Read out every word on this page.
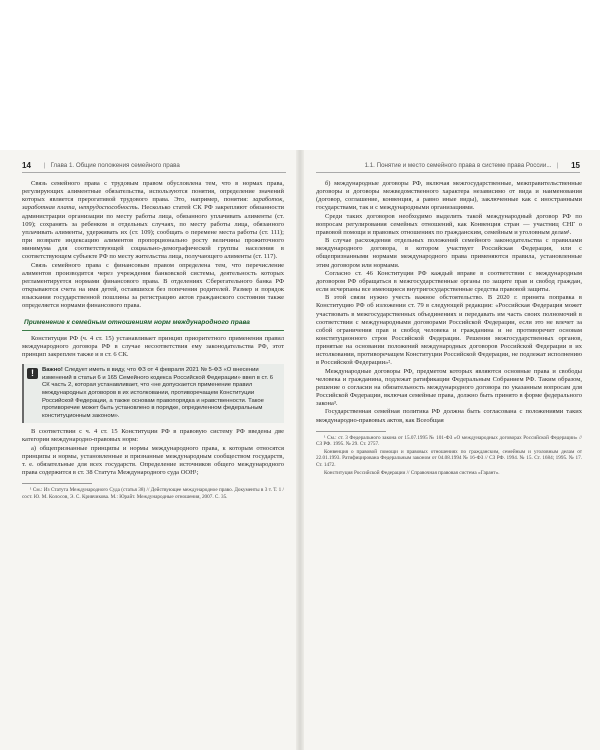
14 | Глава 1. Общие положения семейного права

Связь семейного права с трудовым правом обусловлена тем, что в нормах права, регулирующих алиментные обязательства, используются понятия, определение значений которых является прерогативой трудового права. Это, например, понятия: заработок, заработная плата, нетрудоспособность. Несколько статей СК РФ закрепляют обязанности администрации организации по месту работы лица, обязанного уплачивать алименты (ст. 109); сохранять за ребенком в отдельных случаях, по месту работы лица, обязанного уплачивать алименты, удерживать их (ст. 109); сообщать о перемене места работы (ст. 111); при возврате индексацию алиментов пропорционально росту величины прожиточного минимума для соответствующей социально-демографической группы населения в соответствующем субъекте РФ по месту жительства лица, получающего алименты (ст. 117).

Связь семейного права с финансовым правом определена тем, что перечисление алиментов производится через учреждения банковской системы, деятельность которых регламентируется нормами финансового права. В отделениях Сберегательного банка РФ открываются счета на имя детей, оставшихся без попечения родителей. Размер и порядок взыскания государственной пошлины за регистрацию актов гражданского состояния также определяется нормами финансового права.

Применение к семейным отношениям норм международного права

Конституция РФ (ч. 4 ст. 15) устанавливает принцип приоритетного применения правил международного договора РФ в случае несоответствия ему законодательства РФ, этот принцип закреплен также и в ст. 6 СК.

!	Важно! Следует иметь в виду, что ФЗ от 4 февраля 2021 № 5-ФЗ «О внесении изменений в статьи 6 и 165 Семейного кодекса Российской Федерации» ввел в ст. 6 СК часть 2, которая устанавливает, что «не допускается применение правил международных договоров в их истолковании, противоречащем Конституции Российской Федерации, а также основам правопорядка и нравственности. Такое противоречие может быть установлено в порядке, определенном федеральным конституционным законом».

В соответствии с ч. 4 ст. 15 Конституции РФ в правовую систему РФ введены две категории международно-правовых норм:

а) общепризнанные принципы и нормы международного права, к которым относятся принципы и нормы, установленные и признанные международным сообществом государств, т. е. обязательные для всех государств. Определение источников общего международного права содержится в ст. 38 Статута Международного суда ООН¹;

¹ См.: Из Статута Международного Суда (статья 38) // Действующее международное право. Документы в 3 т. Т. 1 / сост. Ю. М. Колосов, Э. С. Кривчикова. М.: Юрайт. Международные отношения, 2007. С. 35.

1.1. Понятие и место семейного права в системе права России... | 15

б) международные договоры РФ, включая межгосударственные, межправительственные договоры и договоры межведомственного характера независимо от вида и наименования (договор, соглашение, конвенция, а равно иные виды), заключенные как с иностранными государствами, так и с международными организациями.

Среди таких договоров необходимо выделить такой международный договор РФ по вопросам регулирования семейных отношений, как Конвенция стран — участниц СНГ о правовой помощи и правовых отношениях по гражданским, семейным и уголовным делам¹.

В случае расхождения отдельных положений семейного законодательства с правилами международного договора, в котором участвует Российская Федерация, или с общепризнанными нормами международного права применяются правила, установленные этим договором или нормами.

Согласно ст. 46 Конституции РФ каждый вправе в соответствии с международным договором РФ обращаться в межгосударственные органы по защите прав и свобод граждан, если исчерпаны все имеющиеся внутригосударственные средства правовой защиты.

В этой связи нужно учесть важное обстоятельство. В 2020 г. принята поправка в Конституцию РФ об изложении ст. 79 в следующей редакции: «Российская Федерация может участвовать в межгосударственных объединениях и передавать им часть своих полномочий в соответствии с международными договорами Российской Федерации, если это не влечет за собой ограничения прав и свобод человека и гражданина и не противоречит основам конституционного строя Российской Федерации. Решения межгосударственных органов, принятые на основании положений международных договоров Российской Федерации в их истолковании, противоречащем Конституции Российской Федерации, не подлежат исполнению в Российской Федерации»².

Международные договоры РФ, предметом которых являются основные права и свободы человека и гражданина, подлежат ратификации Федеральным Собранием РФ. Таким образом, решение о согласии на обязательность международного договора по указанным вопросам для Российской Федерации, включая семейные права, должно быть принято в форме федерального закона³.

Государственная семейная политика РФ должна быть согласована с положениями таких международно-правовых актов, как Всеобщая

¹ См.: ст. 3 Федерального закона от 15.07.1995 № 101-ФЗ «О международных договорах Российской Федерации» // СЗ РФ. 1995. № 29. Ст. 2757.

Конвенция о правовой помощи и правовых отношениях по гражданским, семейным и уголовным делам от 22.01.1993. Ратифицирована Федеральным законом от 04.08.1994 № 16-ФЗ // СЗ РФ. 1994. № 15. Ст. 1684; 1995. № 17. Ст. 1472.

Конституция Российской Федерации // Справочная правовая система «Гарант».
